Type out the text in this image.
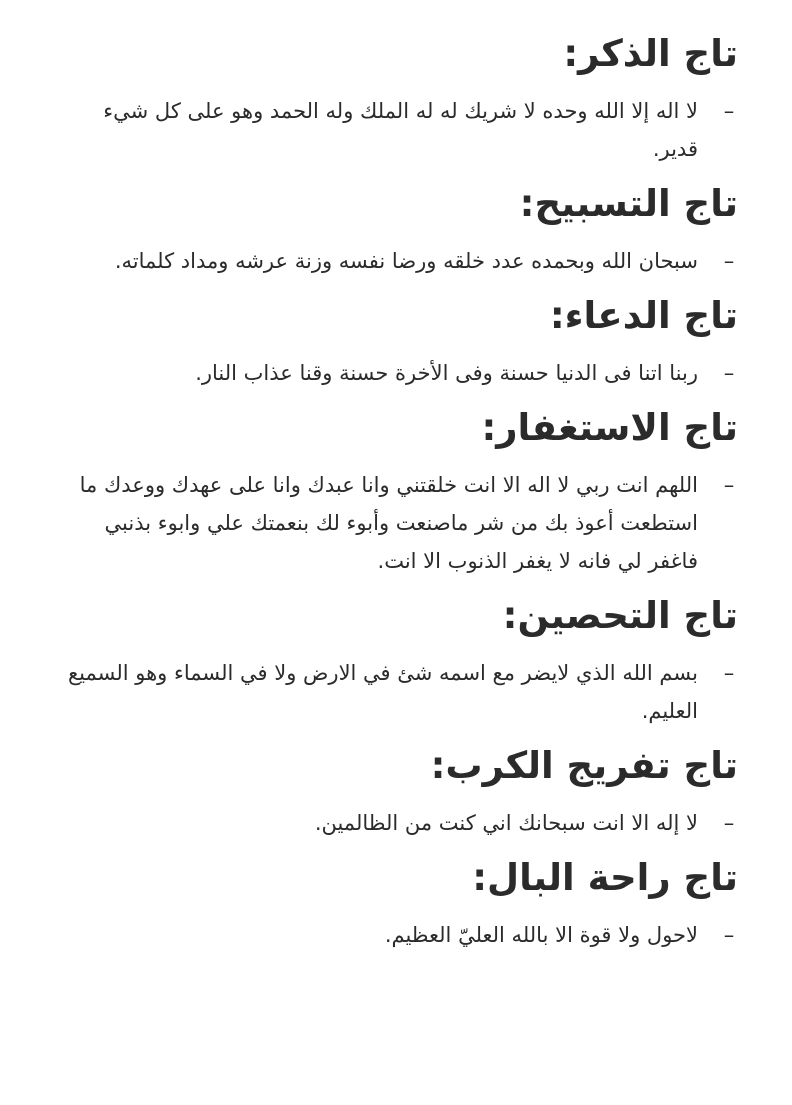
تاج الذكر:
–
لا اله إلا الله وحده لا شريك له له الملك وله الحمد وهو على كل شيء قدير.
تاج التسبيح:
–
سبحان الله وبحمده عدد خلقه ورضا نفسه وزنة عرشه ومداد كلماته.
تاج الدعاء:
–
ربنا اتنا فى الدنيا حسنة وفى الأخرة حسنة وقنا عذاب النار.
تاج الاستغفار:
–
اللهم انت ربي لا اله الا انت خلقتني وانا عبدك وانا على عهدك ووعدك ما استطعت أعوذ بك من شر ماصنعت وأبوء لك بنعمتك علي وابوء بذنبي فاغفر لي فانه لا يغفر الذنوب الا انت.
تاج التحصين:
–
بسم الله الذي لايضر مع اسمه شئ في الارض ولا في السماء وهو السميع العليم.
تاج تفريج الكرب:
–
لا إله الا انت سبحانك اني كنت من الظالمين.
تاج راحة البال:
–
لاحول ولا قوة الا بالله العليّ العظيم.
